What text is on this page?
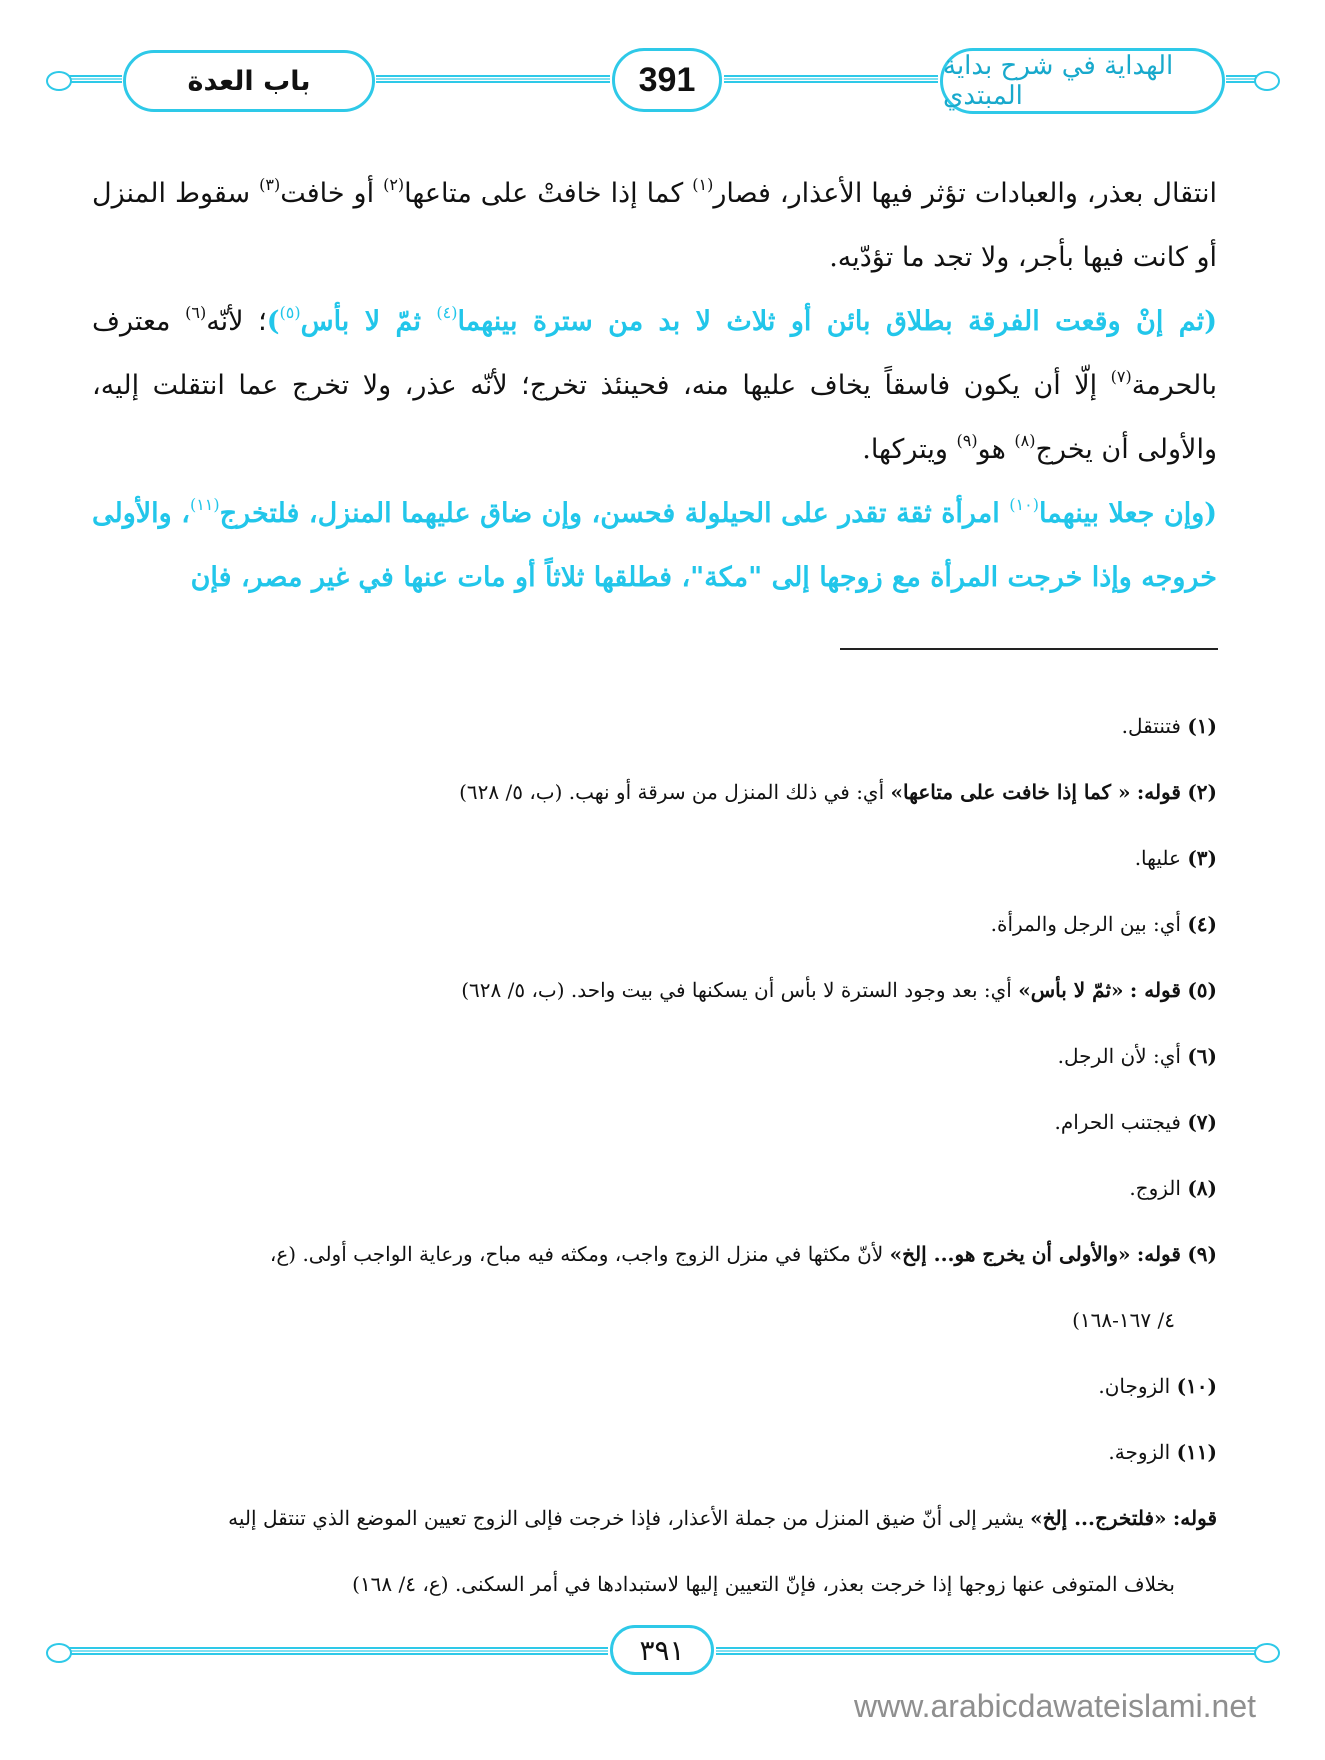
باب العدة	391	الهداية في شرح بداية المبتدي

انتقال بعذر، والعبادات تؤثر فيها الأعذار، فصار$^{(١)}$ كما إذا خافتْ على متاعها$^{(٢)}$ أو خافت$^{(٣)}$ سقوط المنزل أو كانت فيها بأجر، ولا تجد ما تؤدّيه.

(ثم إنْ وقعت الفرقة بطلاق بائن أو ثلاث لا بد من سترة بينهما$^{(٤)}$ ثمّ لا بأس$^{(٥)}$)؛ لأنّه$^{(٦)}$ معترف بالحرمة$^{(٧)}$ إلّا أن يكون فاسقاً يخاف عليها منه، فحينئذ تخرج؛ لأنّه عذر، ولا تخرج عما انتقلت إليه، والأولى أن يخرج$^{(٨)}$ هو$^{(٩)}$ ويتركها.

(وإن جعلا بينهما$^{(١٠)}$ امرأة ثقة تقدر على الحيلولة فحسن، وإن ضاق عليهما المنزل، فلتخرج$^{(١١)}$، والأولى خروجه وإذا خرجت المرأة مع زوجها إلى "مكة"، فطلقها ثلاثاً أو مات عنها في غير مصر، فإن

(١) فتنتقل.

(٢) قوله: « كما إذا خافت على متاعها» أي: في ذلك المنزل من سرقة أو نهب. (ب، ٥/ ٦٢٨)

(٣) عليها.

(٤) أي: بين الرجل والمرأة.

(٥) قوله : «ثمّ لا بأس» أي: بعد وجود السترة لا بأس أن يسكنها في بيت واحد. (ب، ٥/ ٦٢٨)

(٦) أي: لأن الرجل.

(٧) فيجتنب الحرام.

(٨) الزوج.

(٩) قوله: «والأولى أن يخرج هو... إلخ» لأنّ مكثها في منزل الزوج واجب، ومكثه فيه مباح، ورعاية الواجب أولى. (ع،

٤/ ١٦٧-١٦٨)

(١٠) الزوجان.

(١١) الزوجة.

قوله: «فلتخرج... إلخ» يشير إلى أنّ ضيق المنزل من جملة الأعذار، فإذا خرجت فإلى الزوج تعيين الموضع الذي تنتقل إليه

بخلاف المتوفى عنها زوجها إذا خرجت بعذر، فإنّ التعيين إليها لاستبدادها في أمر السكنى. (ع، ٤/ ١٦٨)

٣٩١
www.arabicdawateislami.net
